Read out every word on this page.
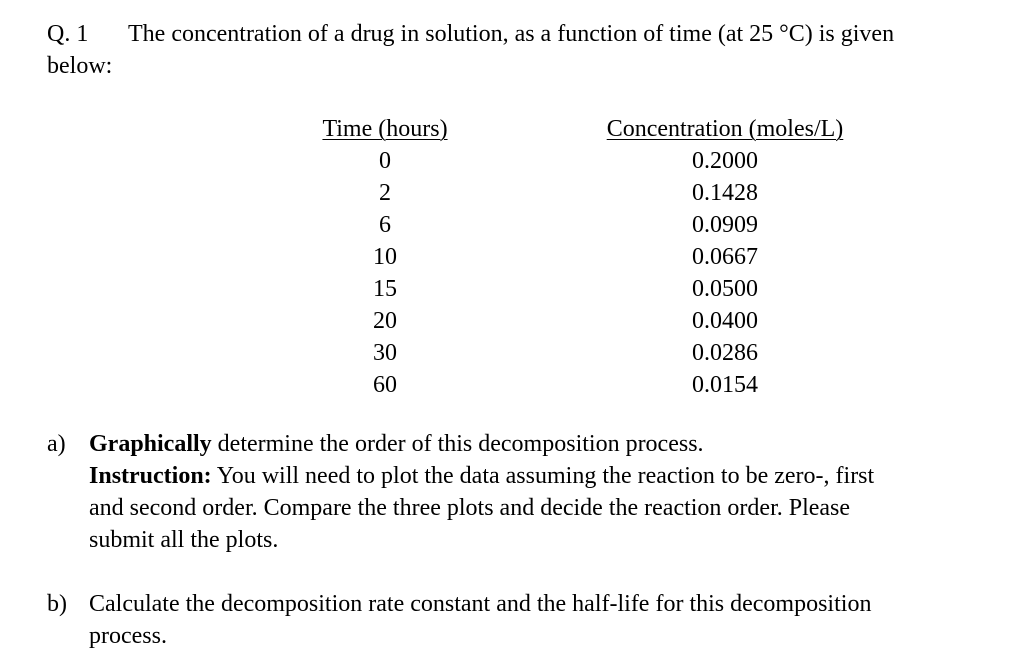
Q. 1 The concentration of a drug in solution, as a function of time (at 25 °C) is given
below:
Time (hours)
0
2
6
10
15
20
30
60
Concentration (moles/L)
0.2000
0.1428
0.0909
0.0667
0.0500
0.0400
0.0286
0.0154
a) Graphically determine the order of this decomposition process.
Instruction: You will need to plot the data assuming the reaction to be zero-, first
and second order. Compare the three plots and decide the reaction order. Please
submit all the plots.
b) Calculate the decomposition rate constant and the half-life for this decomposition
process.
